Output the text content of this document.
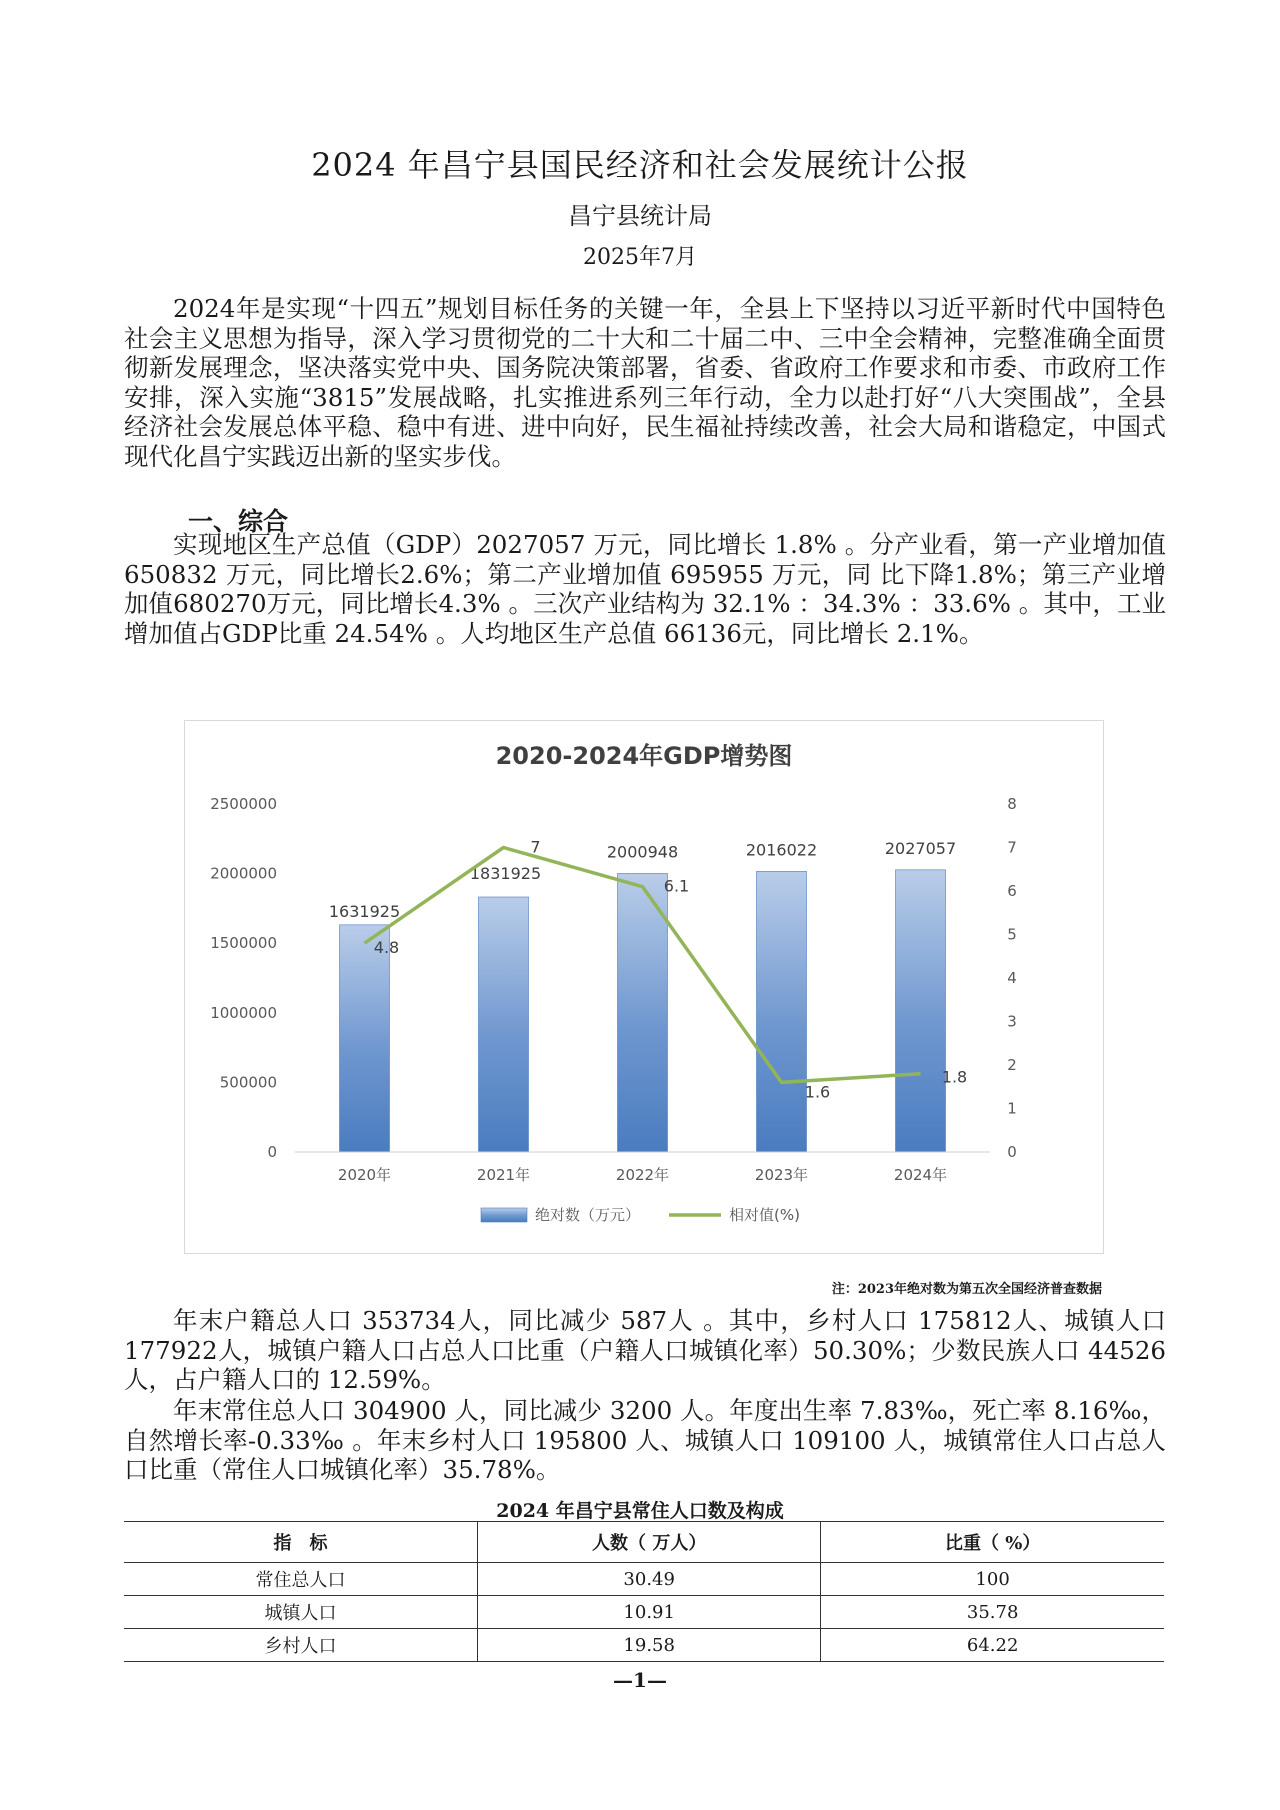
2024 年昌宁县国民经济和社会发展统计公报
昌宁县统计局
2025年7月

2024年是实现“十四五”规划目标任务的关键一年，全县上下坚持以习近平新时代中国特色社会主义思想为指导，深入学习贯彻党的二十大和二十届二中、三中全会精神，完整准确全面贯彻新发展理念，坚决落实党中央、国务院决策部署，省委、省政府工作要求和市委、市政府工作安排，深入实施“3815”发展战略，扎实推进系列三年行动，全力以赴打好“八大突围战”，全县经济社会发展总体平稳、稳中有进、进中向好，民生福祉持续改善，社会大局和谐稳定，中国式现代化昌宁实践迈出新的坚实步伐。

一、综合

实现地区生产总值（GDP）2027057 万元，同比增长 1.8% 。分产业看，第一产业增加值 650832 万元，同比增长2.6%；第二产业增加值 695955 万元，同 比下降1.8%；第三产业增加值680270万元，同比增长4.3% 。三次产业结构为 32.1% ：34.3% ：33.6% 。其中，工业增加值占GDP比重 24.54% 。人均地区生产总值 66136元，同比增长 2.1%。

2020-2024年GDP增势图
1631925
1831925
2000948	2016022	2027057
4.8
7
6.1
1.6
1.8
0
500000
1000000
1500000
2000000
2500000
0
1
2
3
4
5
6
7
8
2020年	2021年	2022年	2023年	2024年
绝对数（万元）	相对值(%)
注：2023年绝对数为第五次全国经济普查数据

年末户籍总人口 353734人，同比减少 587人 。其中，乡村人口 175812人、城镇人口177922人，城镇户籍人口占总人口比重（户籍人口城镇化率）50.30%；少数民族人口 44526 人，占户籍人口的 12.59%。

年末常住总人口 304900 人，同比减少 3200 人。年度出生率 7.83‰，死亡率 8.16‰，自然增长率-0.33‰ 。年末乡村人口 195800 人、城镇人口 109100 人，城镇常住人口占总人口比重（常住人口城镇化率）35.78%。

2024 年昌宁县常住人口数及构成
指　标	人数（ 万人）	比重（ %）
常住总人口	30.49	100
城镇人口	10.91	35.78
乡村人口	19.58	64.22
—1—
